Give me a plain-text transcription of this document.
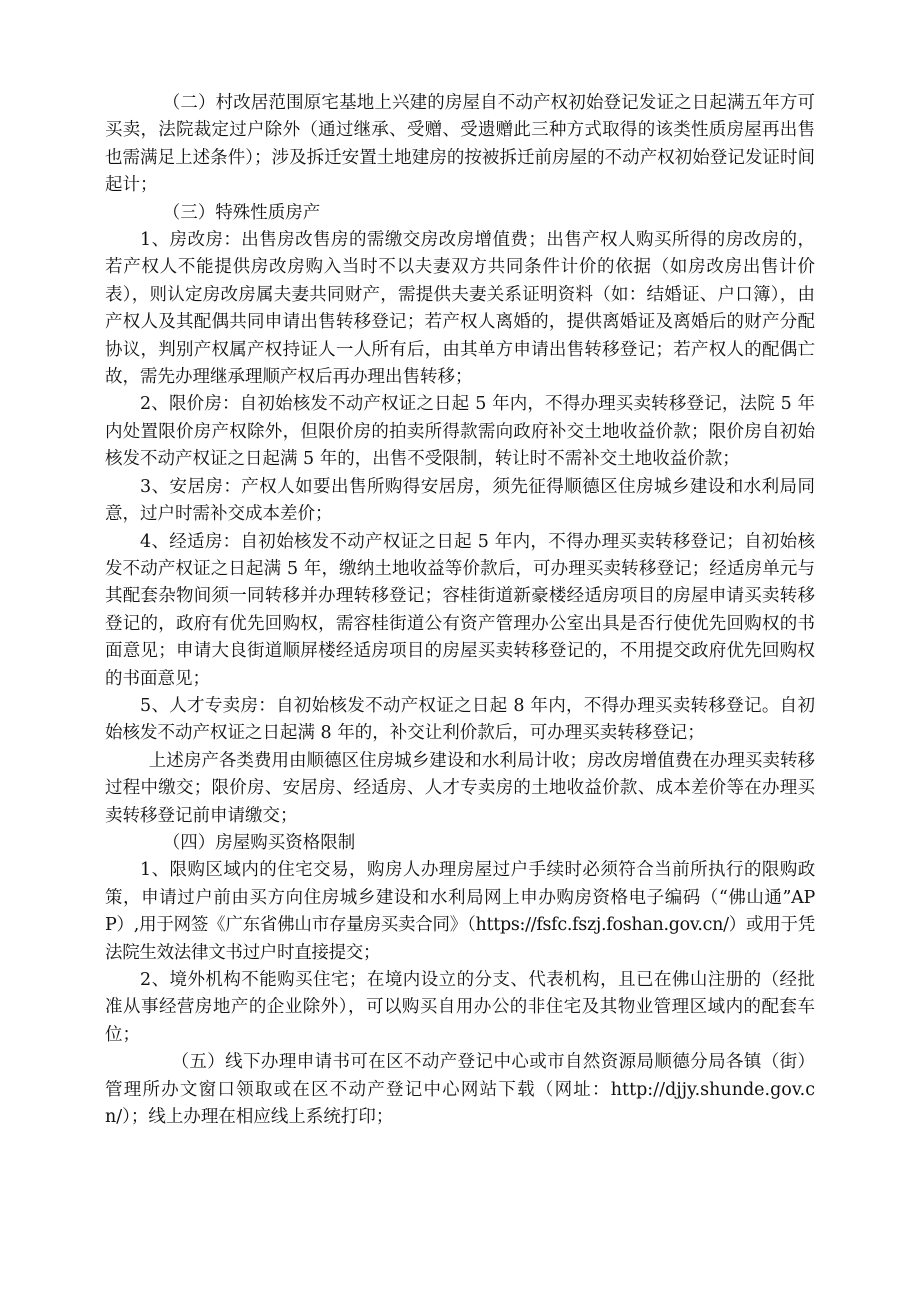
（二）村改居范围原宅基地上兴建的房屋自不动产权初始登记发证之日起满五年方可买卖，法院裁定过户除外（通过继承、受赠、受遗赠此三种方式取得的该类性质房屋再出售也需满足上述条件）；涉及拆迁安置土地建房的按被拆迁前房屋的不动产权初始登记发证时间起计；

（三）特殊性质房产

1、房改房：出售房改售房的需缴交房改房增值费；出售产权人购买所得的房改房的，若产权人不能提供房改房购入当时不以夫妻双方共同条件计价的依据（如房改房出售计价表），则认定房改房属夫妻共同财产，需提供夫妻关系证明资料（如：结婚证、户口簿），由产权人及其配偶共同申请出售转移登记；若产权人离婚的，提供离婚证及离婚后的财产分配协议，判别产权属产权持证人一人所有后，由其单方申请出售转移登记；若产权人的配偶亡故，需先办理继承理顺产权后再办理出售转移；

2、限价房：自初始核发不动产权证之日起 5 年内，不得办理买卖转移登记，法院 5 年内处置限价房产权除外，但限价房的拍卖所得款需向政府补交土地收益价款；限价房自初始核发不动产权证之日起满 5 年的，出售不受限制，转让时不需补交土地收益价款；

3、安居房：产权人如要出售所购得安居房，须先征得顺德区住房城乡建设和水利局同意，过户时需补交成本差价；

4、经适房：自初始核发不动产权证之日起 5 年内，不得办理买卖转移登记；自初始核发不动产权证之日起满 5 年，缴纳土地收益等价款后，可办理买卖转移登记；经适房单元与其配套杂物间须一同转移并办理转移登记；容桂街道新豪楼经适房项目的房屋申请买卖转移登记的，政府有优先回购权，需容桂街道公有资产管理办公室出具是否行使优先回购权的书面意见；申请大良街道顺屏楼经适房项目的房屋买卖转移登记的，不用提交政府优先回购权的书面意见；

5、人才专卖房：自初始核发不动产权证之日起 8 年内，不得办理买卖转移登记。自初始核发不动产权证之日起满 8 年的，补交让利价款后，可办理买卖转移登记；

上述房产各类费用由顺德区住房城乡建设和水利局计收；房改房增值费在办理买卖转移过程中缴交；限价房、安居房、经适房、人才专卖房的土地收益价款、成本差价等在办理买卖转移登记前申请缴交；

（四）房屋购买资格限制

1、限购区域内的住宅交易，购房人办理房屋过户手续时必须符合当前所执行的限购政策，申请过户前由买方向住房城乡建设和水利局网上申办购房资格电子编码（“佛山通”APP）,用于网签《广东省佛山市存量房买卖合同》（https://fsfc.fszj.foshan.gov.cn/）或用于凭法院生效法律文书过户时直接提交；

2、境外机构不能购买住宅；在境内设立的分支、代表机构，且已在佛山注册的（经批准从事经营房地产的企业除外），可以购买自用办公的非住宅及其物业管理区域内的配套车位；

（五）线下办理申请书可在区不动产登记中心或市自然资源局顺德分局各镇（街）管理所办文窗口领取或在区不动产登记中心网站下载（网址：http://djjy.shunde.gov.cn/）；线上办理在相应线上系统打印；
